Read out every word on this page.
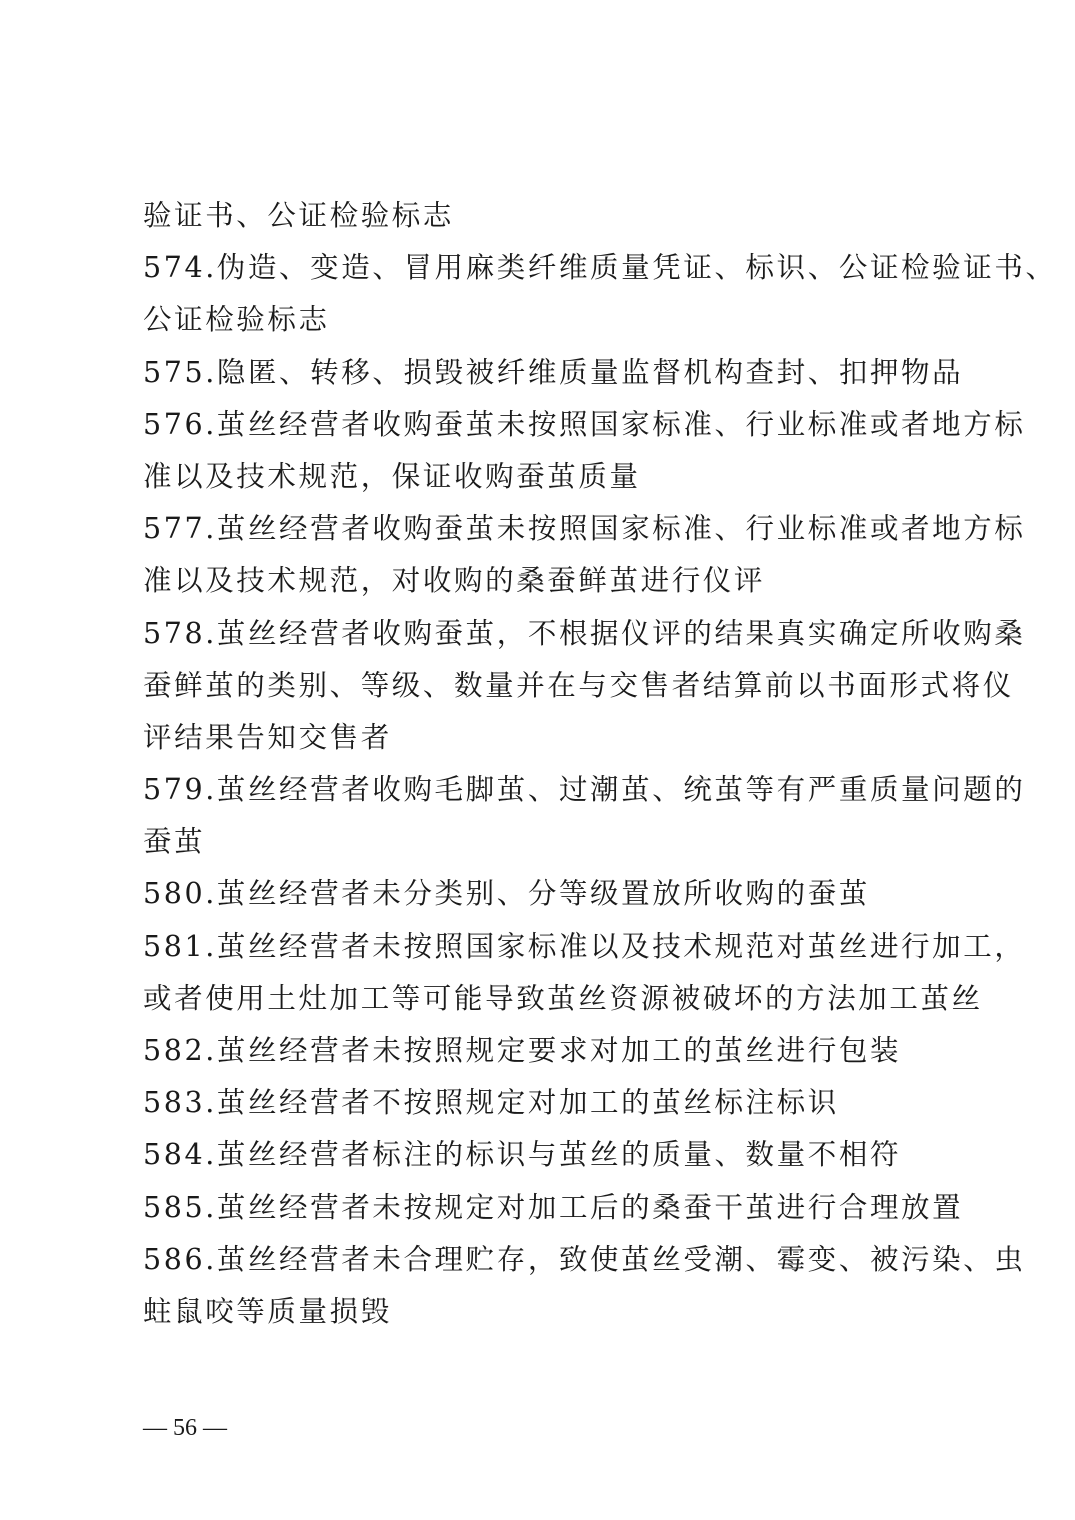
验证书、公证检验标志
574.伪造、变造、冒用麻类纤维质量凭证、标识、公证检验证书、
公证检验标志
575.隐匿、转移、损毁被纤维质量监督机构查封、扣押物品
576.茧丝经营者收购蚕茧未按照国家标准、行业标准或者地方标
准以及技术规范，保证收购蚕茧质量
577.茧丝经营者收购蚕茧未按照国家标准、行业标准或者地方标
准以及技术规范，对收购的桑蚕鲜茧进行仪评
578.茧丝经营者收购蚕茧，不根据仪评的结果真实确定所收购桑
蚕鲜茧的类别、等级、数量并在与交售者结算前以书面形式将仪
评结果告知交售者
579.茧丝经营者收购毛脚茧、过潮茧、统茧等有严重质量问题的
蚕茧
580.茧丝经营者未分类别、分等级置放所收购的蚕茧
581.茧丝经营者未按照国家标准以及技术规范对茧丝进行加工，
或者使用土灶加工等可能导致茧丝资源被破坏的方法加工茧丝
582.茧丝经营者未按照规定要求对加工的茧丝进行包装
583.茧丝经营者不按照规定对加工的茧丝标注标识
584.茧丝经营者标注的标识与茧丝的质量、数量不相符
585.茧丝经营者未按规定对加工后的桑蚕干茧进行合理放置
586.茧丝经营者未合理贮存，致使茧丝受潮、霉变、被污染、虫
蛀鼠咬等质量损毁
— 56 —
